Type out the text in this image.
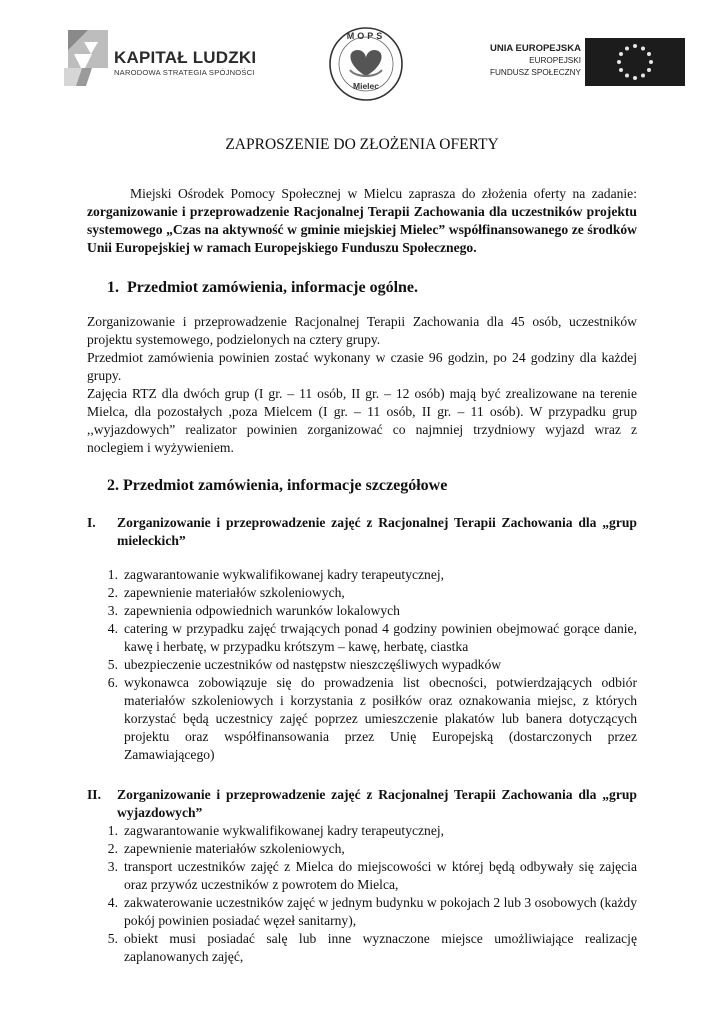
KAPITAŁ LUDZKI
NARODOWA STRATEGIA SPÓJNOŚCI
MOPS
Mielec
UNIA EUROPEJSKA
EUROPEJSKI
FUNDUSZ SPOŁECZNY
ZAPROSZENIE DO ZŁOŻENIA OFERTY

Miejski Ośrodek Pomocy Społecznej w Mielcu zaprasza do złożenia oferty na zadanie: zorganizowanie i przeprowadzenie Racjonalnej Terapii Zachowania dla uczestników projektu systemowego „Czas na aktywność w gminie miejskiej Mielec” współfinansowanego ze środków Unii Europejskiej w ramach Europejskiego Funduszu Społecznego.

1. Przedmiot zamówienia, informacje ogólne.

Zorganizowanie i przeprowadzenie Racjonalnej Terapii Zachowania dla 45 osób, uczestników projektu systemowego, podzielonych na cztery grupy.

Przedmiot zamówienia powinien zostać wykonany w czasie 96 godzin, po 24 godziny dla każdej grupy.

Zajęcia RTZ dla dwóch grup (I gr. – 11 osób, II gr. – 12 osób) mają być zrealizowane na terenie Mielca, dla pozostałych ,poza Mielcem (I gr. – 11 osób, II gr. – 11 osób). W przypadku grup ,,wyjazdowych” realizator powinien zorganizować co najmniej trzydniowy wyjazd wraz z noclegiem i wyżywieniem.

2. Przedmiot zamówienia, informacje szczegółowe
I.	Zorganizowanie i przeprowadzenie zajęć z Racjonalnej Terapii Zachowania dla „grup mieleckich”
1. zagwarantowanie wykwalifikowanej kadry terapeutycznej,
2. zapewnienie materiałów szkoleniowych,
3. zapewnienia odpowiednich warunków lokalowych
4. catering w przypadku zajęć trwających ponad 4 godziny powinien obejmować gorące danie, kawę i herbatę, w przypadku krótszym – kawę, herbatę, ciastka
5. ubezpieczenie uczestników od następstw nieszczęśliwych wypadków
6. wykonawca zobowiązuje się do prowadzenia list obecności, potwierdzających odbiór materiałów szkoleniowych i korzystania z posiłków oraz oznakowania miejsc, z których korzystać będą uczestnicy zajęć poprzez umieszczenie plakatów lub banera dotyczących projektu oraz współfinansowania przez Unię Europejską (dostarczonych przez Zamawiającego)
II.	Zorganizowanie i przeprowadzenie zajęć z Racjonalnej Terapii Zachowania dla „grup wyjazdowych”
1. zagwarantowanie wykwalifikowanej kadry terapeutycznej,
2. zapewnienie materiałów szkoleniowych,
3. transport uczestników zajęć z Mielca do miejscowości w której będą odbywały się zajęcia oraz przywóz uczestników z powrotem do Mielca,
4. zakwaterowanie uczestników zajęć w jednym budynku w pokojach 2 lub 3 osobowych (każdy pokój powinien posiadać węzeł sanitarny),
5. obiekt musi posiadać salę lub inne wyznaczone miejsce umożliwiające realizację zaplanowanych zajęć,
